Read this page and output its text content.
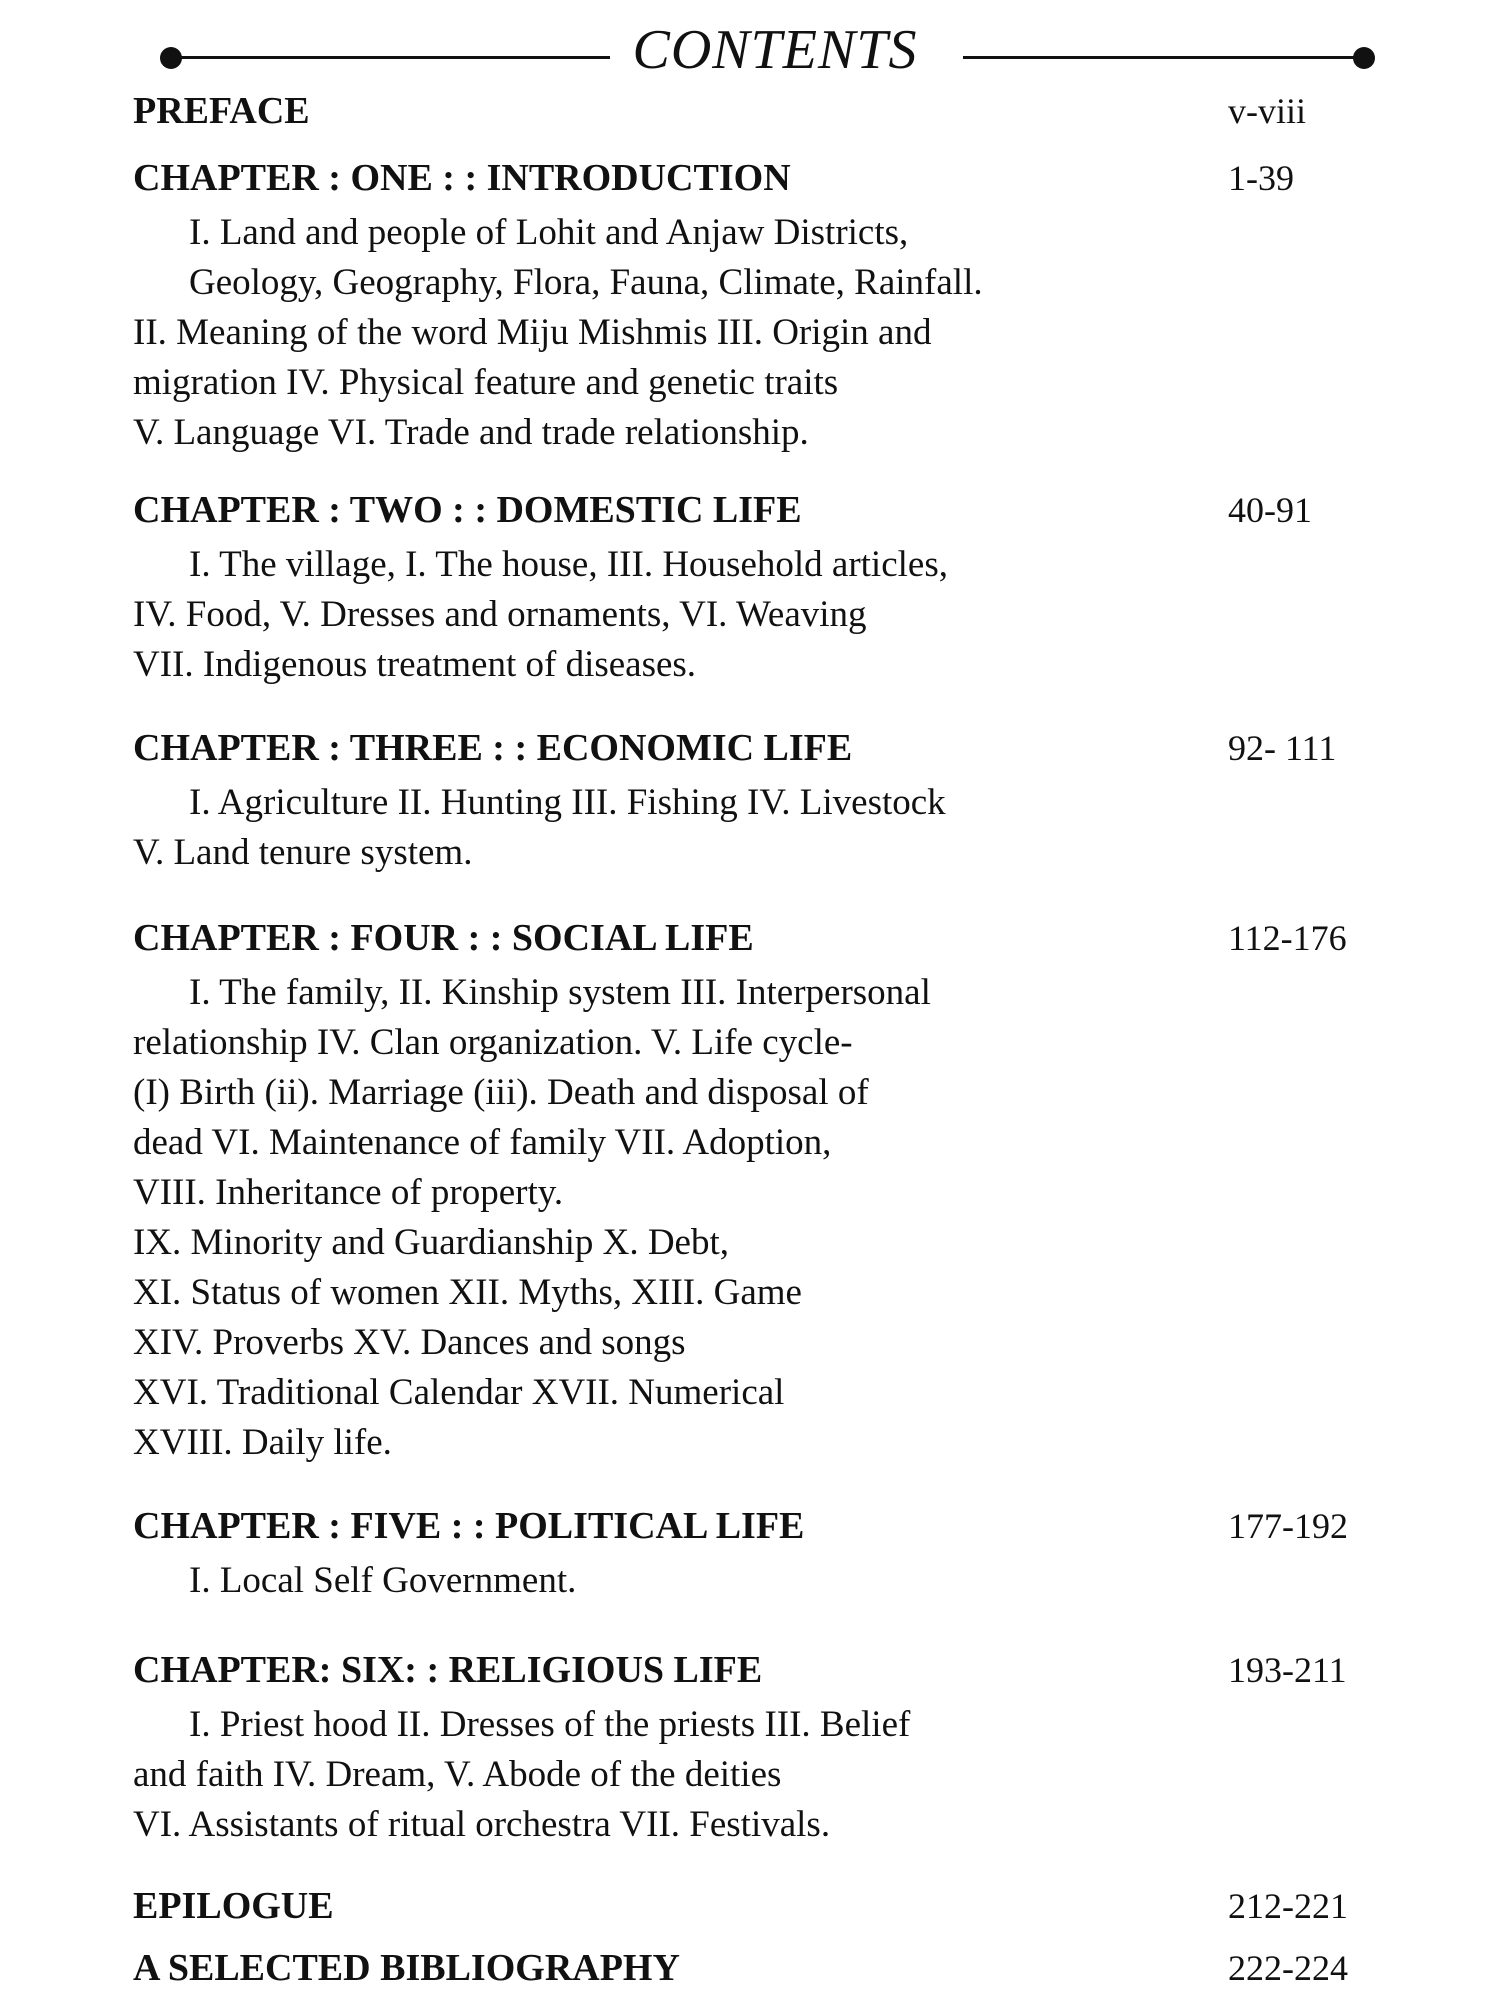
CONTENTS
PREFACE	v-viii
CHAPTER : ONE : : INTRODUCTION	1-39
I. Land and people of Lohit and Anjaw Districts,
Geology, Geography, Flora, Fauna, Climate, Rainfall.
II. Meaning of the word Miju Mishmis III. Origin and
migration IV. Physical feature and genetic traits
V. Language VI. Trade and trade relationship.
CHAPTER : TWO : : DOMESTIC LIFE	40-91
I. The village, I. The house, III. Household articles,
IV. Food, V. Dresses and ornaments, VI. Weaving
VII. Indigenous treatment of diseases.
CHAPTER : THREE : : ECONOMIC LIFE	92- 111
I. Agriculture II. Hunting III. Fishing IV. Livestock
V. Land tenure system.
CHAPTER : FOUR : : SOCIAL LIFE	112-176
I. The family, II. Kinship system III. Interpersonal
relationship IV. Clan organization. V. Life cycle-
(I) Birth (ii). Marriage (iii). Death and disposal of
dead VI. Maintenance of family VII. Adoption,
VIII. Inheritance of property.
IX. Minority and Guardianship X. Debt,
XI. Status of women XII. Myths, XIII. Game
XIV. Proverbs XV. Dances and songs
XVI. Traditional Calendar XVII. Numerical
XVIII. Daily life.
CHAPTER : FIVE : : POLITICAL LIFE	177-192
I. Local Self Government.
CHAPTER: SIX: : RELIGIOUS LIFE	193-211
I. Priest hood II. Dresses of the priests III. Belief
and faith IV. Dream, V. Abode of the deities
VI. Assistants of ritual orchestra VII. Festivals.
EPILOGUE	212-221
A SELECTED BIBLIOGRAPHY	222-224
